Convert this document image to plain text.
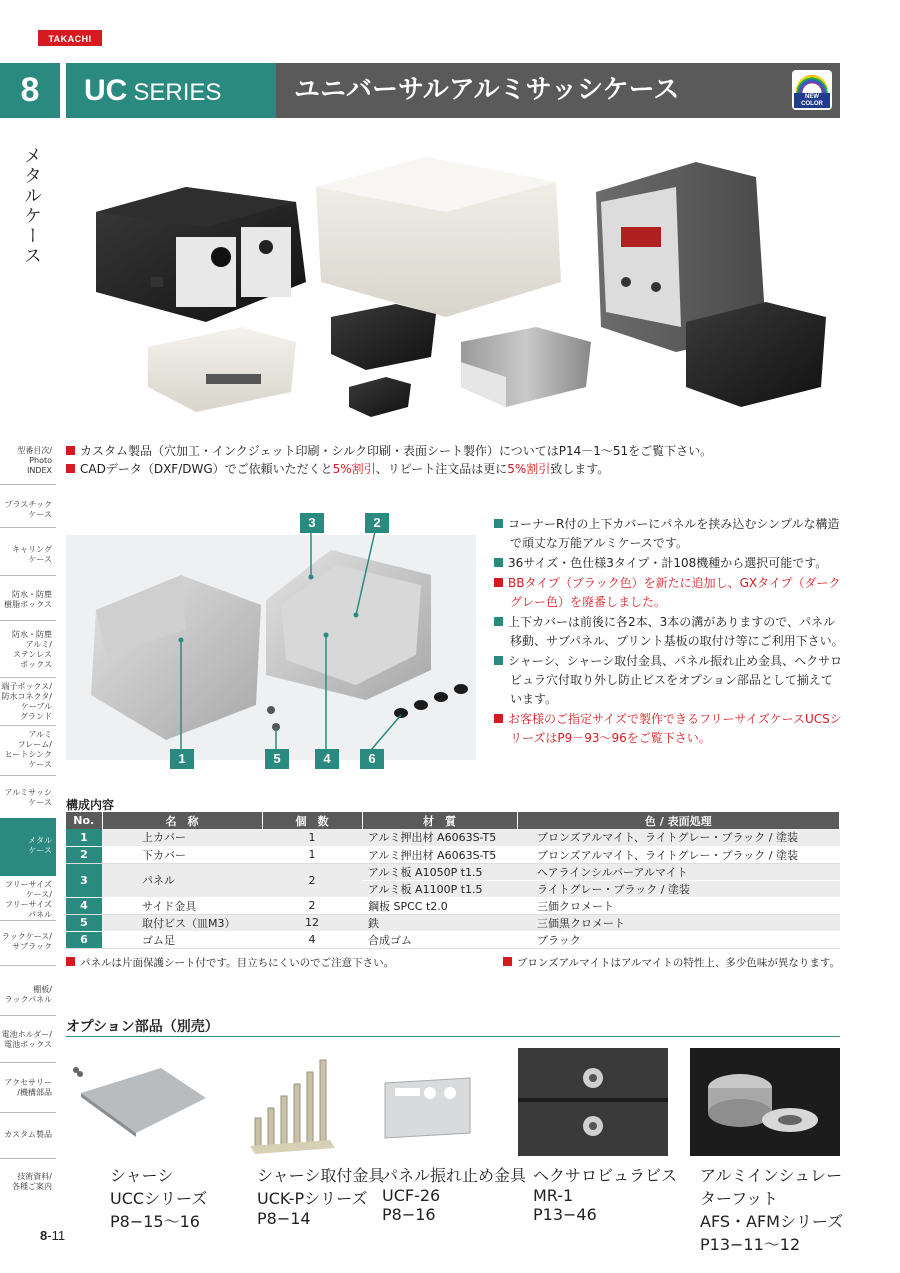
TAKACHI
8
メタルケース
UC SERIES	ユニバーサルアルミサッシケース	NEW COLOR
カスタム製品（穴加工・インクジェット印刷・シルク印刷・表面シート製作）についてはP14－1～51をご覧下さい。
CADデータ（DXF/DWG）でご依頼いただくと5%割引、リピート注文品は更に5%割引致します。
1
2
3
4
5	6
コーナーR付の上下カバーにパネルを挟み込むシンプルな構造で頑丈な万能アルミケースです。
36サイズ・色仕様3タイプ・計108機種から選択可能です。
BBタイプ（ブラック色）を新たに追加し、GXタイプ（ダークグレー色）を廃番しました。
上下カバーは前後に各2本、3本の溝がありますので、パネル移動、サブパネル、プリント基板の取付け等にご利用下さい。
シャーシ、シャーシ取付金具、パネル振れ止め金具、ヘクサロビュラ穴付取り外し防止ビスをオプション部品として揃えています。
お客様のご指定サイズで製作できるフリーサイズケースUCSシリーズはP9－93～96をご覧下さい。
構成内容
No.	名　称	個　数	材　質	色 / 表面処理
1	上カバー	1	アルミ押出材 A6063S-T5	ブロンズアルマイト、ライトグレー・ブラック / 塗装
2	下カバー	1	アルミ押出材 A6063S-T5	ブロンズアルマイト、ライトグレー・ブラック / 塗装
3	パネル	2	アルミ板 A1050P t1.5	ヘアラインシルバーアルマイト
			アルミ板 A1100P t1.5	ライトグレー・ブラック / 塗装
4	サイド金具	2	鋼板 SPCC t2.0	三価クロメート
5	取付ビス（皿M3）	12	鉄	三価黒クロメート
6	ゴム足	4	合成ゴム	ブラック
パネルは片面保護シート付です。目立ちにくいのでご注意下さい。	ブロンズアルマイトはアルマイトの特性上、多少色味が異なります。
オプション部品（別売）
シャーシ
UCCシリーズ
P8−15〜16
シャーシ取付金具
UCK-Pシリーズ
P8−14
パネル振れ止め金具
UCF-26
P8−16
ヘクサロビュラビス
MR-1
P13−46
アルミインシュレーターフット
AFS・AFMシリーズ
P13−11〜12
型番目次/
Photo
INDEX
プラスチック
ケース
キャリング
ケース
防水・防塵
樹脂ボックス
防水・防塵
アルミ/
ステンレス
ボックス
端子ボックス/
防水コネクタ/
ケーブル
グランド
アルミ
フレーム/
ヒートシンク
ケース
アルミサッシ
ケース
メタル
ケース
フリーサイズ
ケース/
フリーサイズ
パネル
ラックケース/
サブラック
棚板/
ラックパネル
電池ホルダー/
電池ボックス
アクセサリー
/機構部品
カスタム製品
技術資料/
各種ご案内
8-11
